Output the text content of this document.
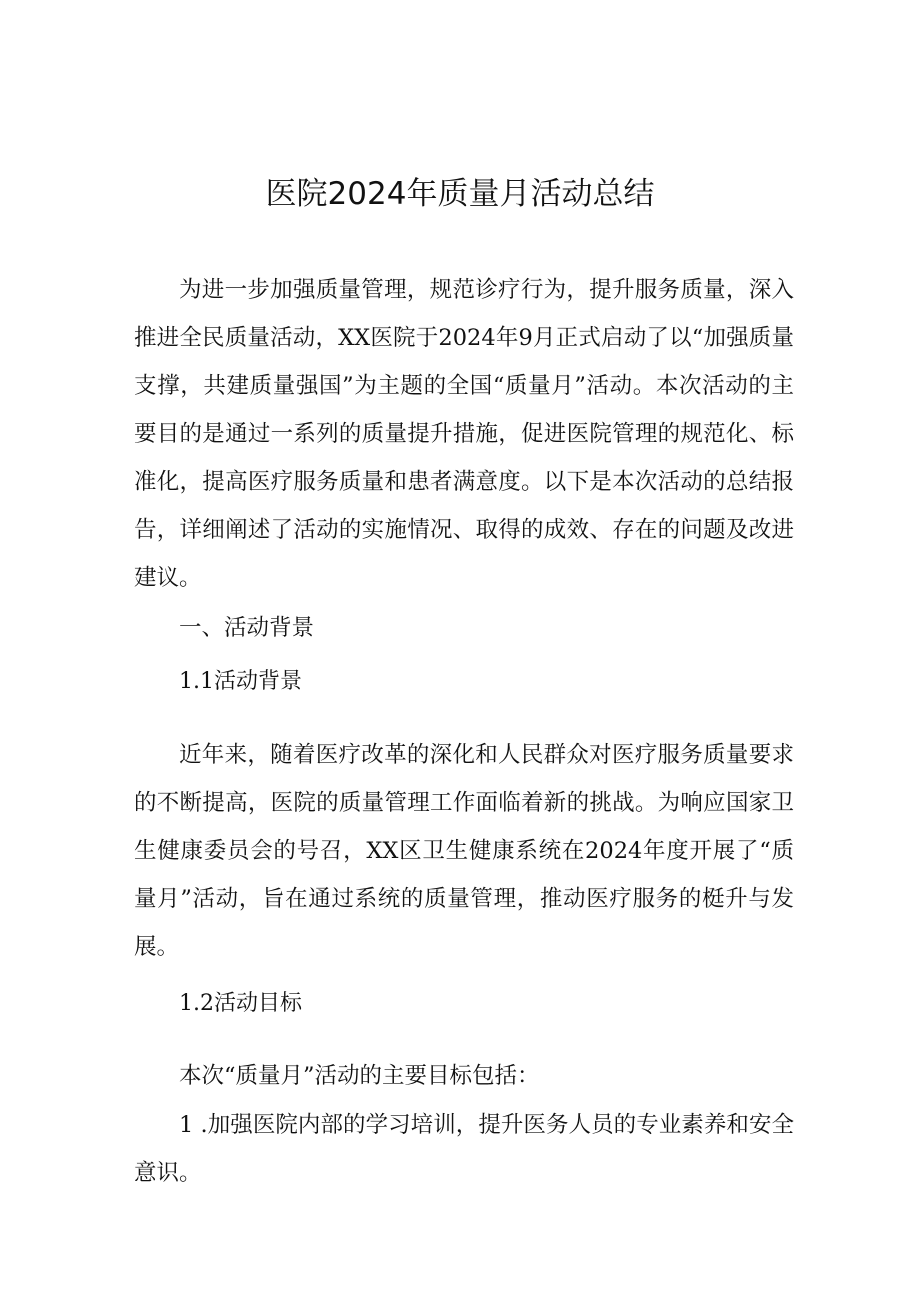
医院2024年质量月活动总结

为进一步加强质量管理，规范诊疗行为，提升服务质量，深入推进全民质量活动，XX医院于2024年9月正式启动了以“加强质量支撑，共建质量强国”为主题的全国“质量月”活动。本次活动的主要目的是通过一系列的质量提升措施，促进医院管理的规范化、标准化，提高医疗服务质量和患者满意度。以下是本次活动的总结报告，详细阐述了活动的实施情况、取得的成效、存在的问题及改进建议。

一、活动背景

1.1活动背景

近年来，随着医疗改革的深化和人民群众对医疗服务质量要求的不断提高，医院的质量管理工作面临着新的挑战。为响应国家卫生健康委员会的号召，XX区卫生健康系统在2024年度开展了“质量月”活动，旨在通过系统的质量管理，推动医疗服务的梃升与发展。

1.2活动目标

本次“质量月”活动的主要目标包括：

1 .加强医院内部的学习培训，提升医务人员的专业素养和安全意识。
